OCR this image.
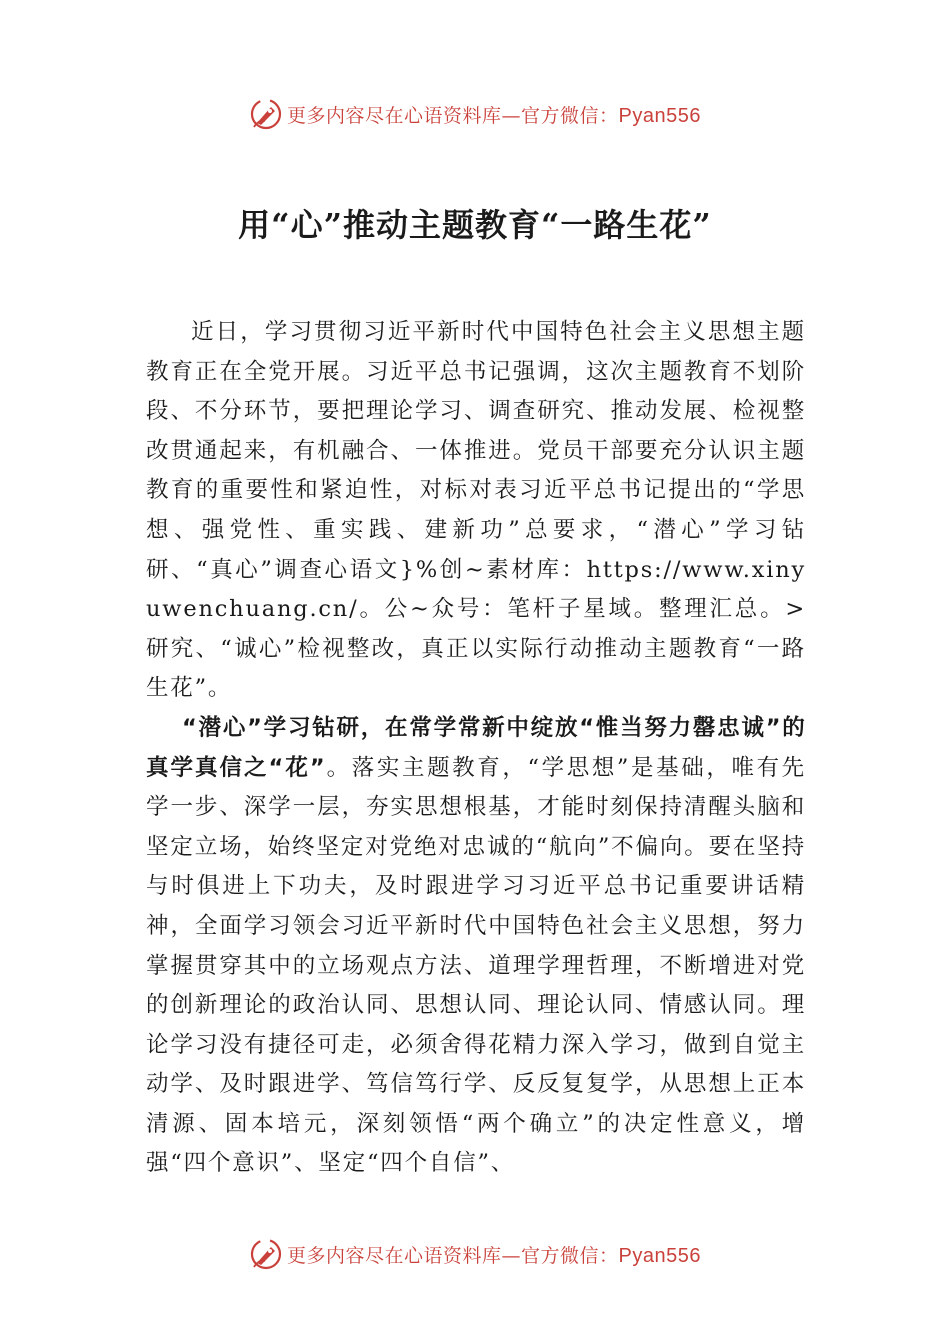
更多内容尽在心语资料库—官方微信：Pyan556
用“心”推动主题教育“一路生花”

近日，学习贯彻习近平新时代中国特色社会主义思想主题教育正在全党开展。习近平总书记强调，这次主题教育不划阶段、不分环节，要把理论学习、调查研究、推动发展、检视整改贯通起来，有机融合、一体推进。党员干部要充分认识主题教育的重要性和紧迫性，对标对表习近平总书记提出的“学思想、强党性、重实践、建新功”总要求，“潜心”学习钻研、“真心”调查心语文}%创~素材库：https://www.xinyuwenchuang.cn/。公~众号：笔杆子星域。整理汇总。>研究、“诚心”检视整改，真正以实际行动推动主题教育“一路生花”。

“潜心”学习钻研，在常学常新中绽放“惟当努力罄忠诚”的真学真信之“花”。落实主题教育，“学思想”是基础，唯有先学一步、深学一层，夯实思想根基，才能时刻保持清醒头脑和坚定立场，始终坚定对党绝对忠诚的“航向”不偏向。要在坚持与时俱进上下功夫，及时跟进学习习近平总书记重要讲话精神，全面学习领会习近平新时代中国特色社会主义思想，努力掌握贯穿其中的立场观点方法、道理学理哲理，不断增进对党的创新理论的政治认同、思想认同、理论认同、情感认同。理论学习没有捷径可走，必须舍得花精力深入学习，做到自觉主动学、及时跟进学、笃信笃行学、反反复复学，从思想上正本清源、固本培元，深刻领悟“两个确立”的决定性意义，增强“四个意识”、坚定“四个自信”、

更多内容尽在心语资料库—官方微信：Pyan556
